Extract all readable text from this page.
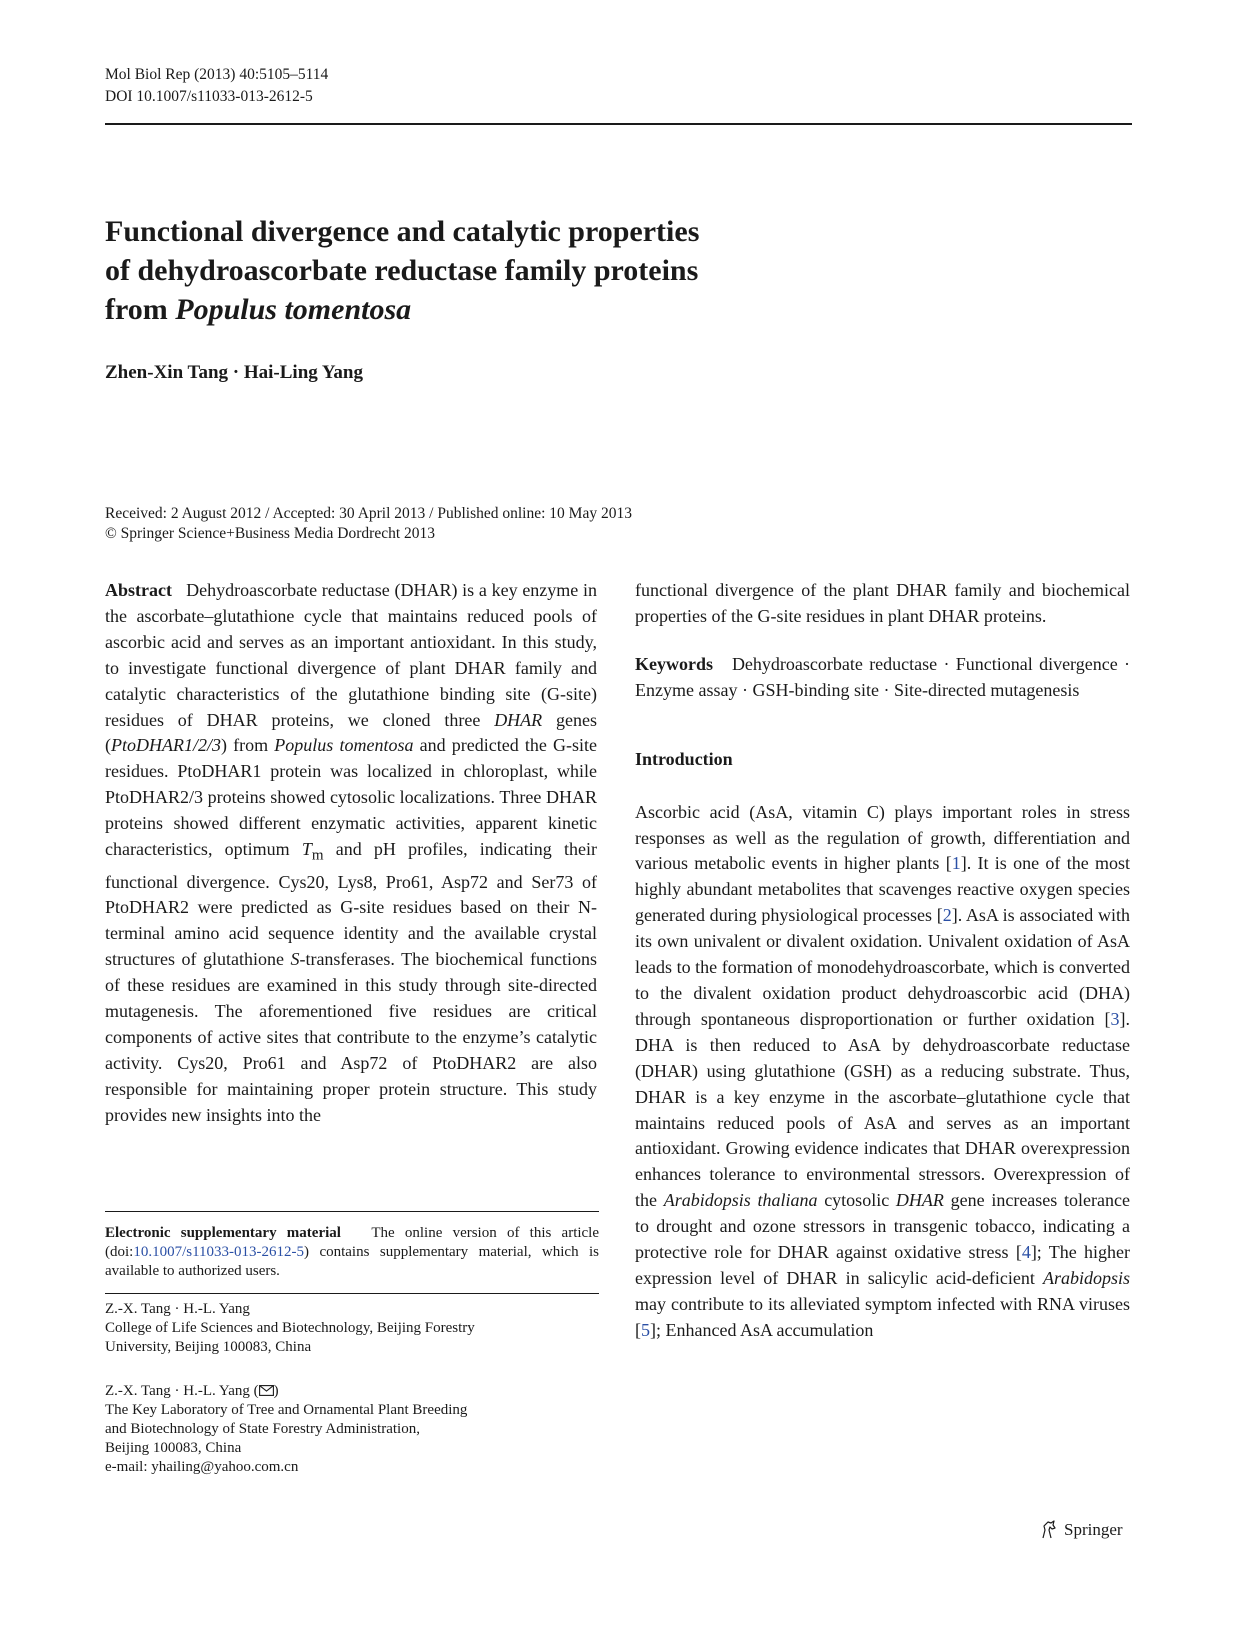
Mol Biol Rep (2013) 40:5105–5114
DOI 10.1007/s11033-013-2612-5
Functional divergence and catalytic properties
of dehydroascorbate reductase family proteins
from Populus tomentosa
Zhen-Xin Tang · Hai-Ling Yang
Received: 2 August 2012 / Accepted: 30 April 2013 / Published online: 10 May 2013
© Springer Science+Business Media Dordrecht 2013

Abstract Dehydroascorbate reductase (DHAR) is a key enzyme in the ascorbate–glutathione cycle that maintains reduced pools of ascorbic acid and serves as an important antioxidant. In this study, to investigate functional divergence of plant DHAR family and catalytic characteristics of the glutathione binding site (G-site) residues of DHAR proteins, we cloned three DHAR genes (PtoDHAR1/2/3) from Populus tomentosa and predicted the G-site residues. PtoDHAR1 protein was localized in chloroplast, while PtoDHAR2/3 proteins showed cytosolic localizations. Three DHAR proteins showed different enzymatic activities, apparent kinetic characteristics, optimum $T_m$ and pH profiles, indicating their functional divergence. Cys20, Lys8, Pro61, Asp72 and Ser73 of PtoDHAR2 were predicted as G-site residues based on their N-terminal amino acid sequence identity and the available crystal structures of glutathione S-transferases. The biochemical functions of these residues are examined in this study through site-directed mutagenesis. The aforementioned five residues are critical components of active sites that contribute to the enzyme’s catalytic activity. Cys20, Pro61 and Asp72 of PtoDHAR2 are also responsible for maintaining proper protein structure. This study provides new insights into the

Electronic supplementary material The online version of this article (doi:10.1007/s11033-013-2612-5) contains supplementary material, which is available to authorized users.

Z.-X. Tang · H.-L. Yang

College of Life Sciences and Biotechnology, Beijing Forestry

University, Beijing 100083, China

Z.-X. Tang · H.-L. Yang ( )

The Key Laboratory of Tree and Ornamental Plant Breeding

and Biotechnology of State Forestry Administration,

Beijing 100083, China

e-mail: yhailing@yahoo.com.cn

functional divergence of the plant DHAR family and biochemical properties of the G-site residues in plant DHAR proteins.

Keywords Dehydroascorbate reductase · Functional divergence · Enzyme assay · GSH-binding site · Site-directed mutagenesis

Introduction

Ascorbic acid (AsA, vitamin C) plays important roles in stress responses as well as the regulation of growth, differentiation and various metabolic events in higher plants [1]. It is one of the most highly abundant metabolites that scavenges reactive oxygen species generated during physiological processes [2]. AsA is associated with its own univalent or divalent oxidation. Univalent oxidation of AsA leads to the formation of monodehydroascorbate, which is converted to the divalent oxidation product dehydroascorbic acid (DHA) through spontaneous disproportionation or further oxidation [3]. DHA is then reduced to AsA by dehydroascorbate reductase (DHAR) using glutathione (GSH) as a reducing substrate. Thus, DHAR is a key enzyme in the ascorbate–glutathione cycle that maintains reduced pools of AsA and serves as an important antioxidant. Growing evidence indicates that DHAR overexpression enhances tolerance to environmental stressors. Overexpression of the Arabidopsis thaliana cytosolic DHAR gene increases tolerance to drought and ozone stressors in transgenic tobacco, indicating a protective role for DHAR against oxidative stress [4]; The higher expression level of DHAR in salicylic acid-deficient Arabidopsis may contribute to its alleviated symptom infected with RNA viruses [5]; Enhanced AsA accumulation

Springer
